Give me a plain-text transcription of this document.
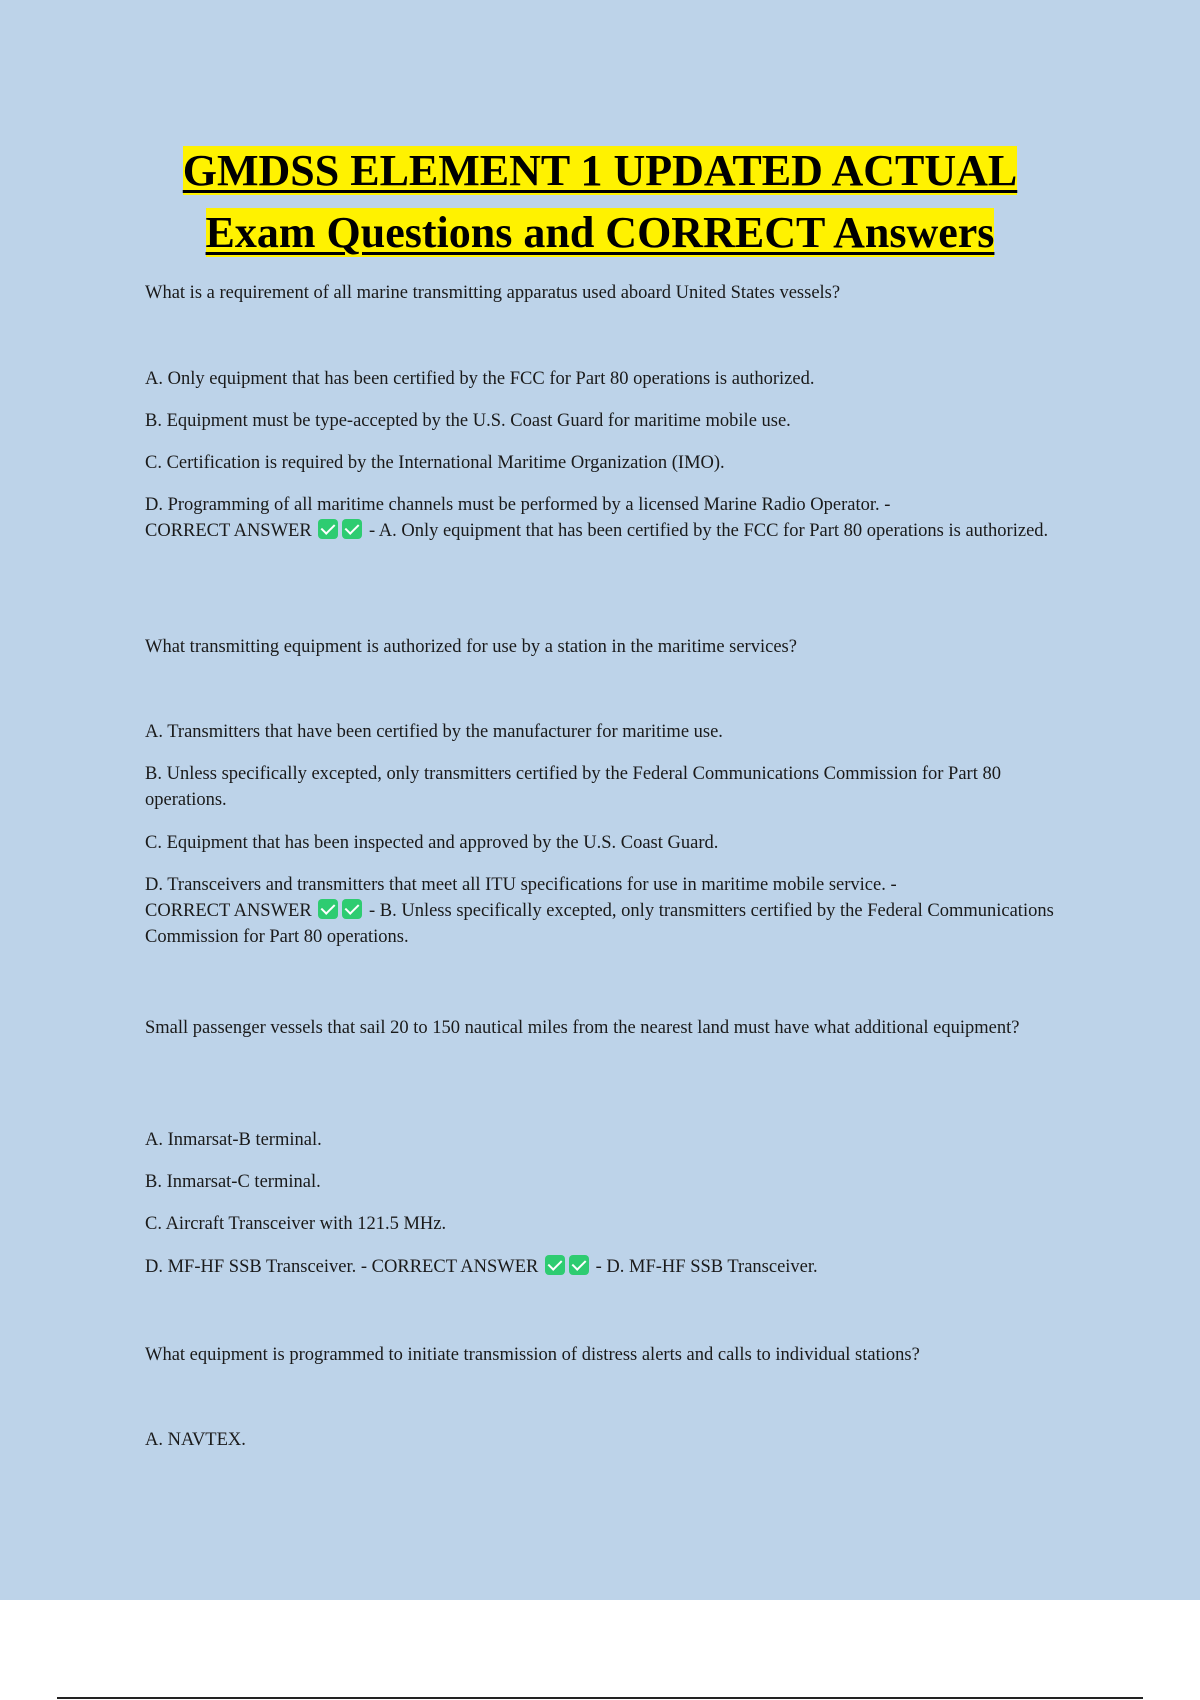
GMDSS ELEMENT 1 UPDATED ACTUAL
Exam Questions and CORRECT Answers

What is a requirement of all marine transmitting apparatus used aboard United States vessels?

A. Only equipment that has been certified by the FCC for Part 80 operations is authorized.

B. Equipment must be type-accepted by the U.S. Coast Guard for maritime mobile use.

C. Certification is required by the International Maritime Organization (IMO).

D. Programming of all maritime channels must be performed by a licensed Marine Radio Operator. -
CORRECT ANSWER	- A. Only equipment that has been certified by the FCC for Part 80 operations is authorized.

What transmitting equipment is authorized for use by a station in the maritime services?

A. Transmitters that have been certified by the manufacturer for maritime use.

B. Unless specifically excepted, only transmitters certified by the Federal Communications Commission for Part 80 operations.

C. Equipment that has been inspected and approved by the U.S. Coast Guard.

D. Transceivers and transmitters that meet all ITU specifications for use in maritime mobile service. -
CORRECT ANSWER	- B. Unless specifically excepted, only transmitters certified by the Federal Communications Commission for Part 80 operations.

Small passenger vessels that sail 20 to 150 nautical miles from the nearest land must have what additional equipment?

A. Inmarsat-B terminal.

B. Inmarsat-C terminal.

C. Aircraft Transceiver with 121.5 MHz.

D. MF-HF SSB Transceiver. - CORRECT ANSWER	- D. MF-HF SSB Transceiver.

What equipment is programmed to initiate transmission of distress alerts and calls to individual stations?

A. NAVTEX.
